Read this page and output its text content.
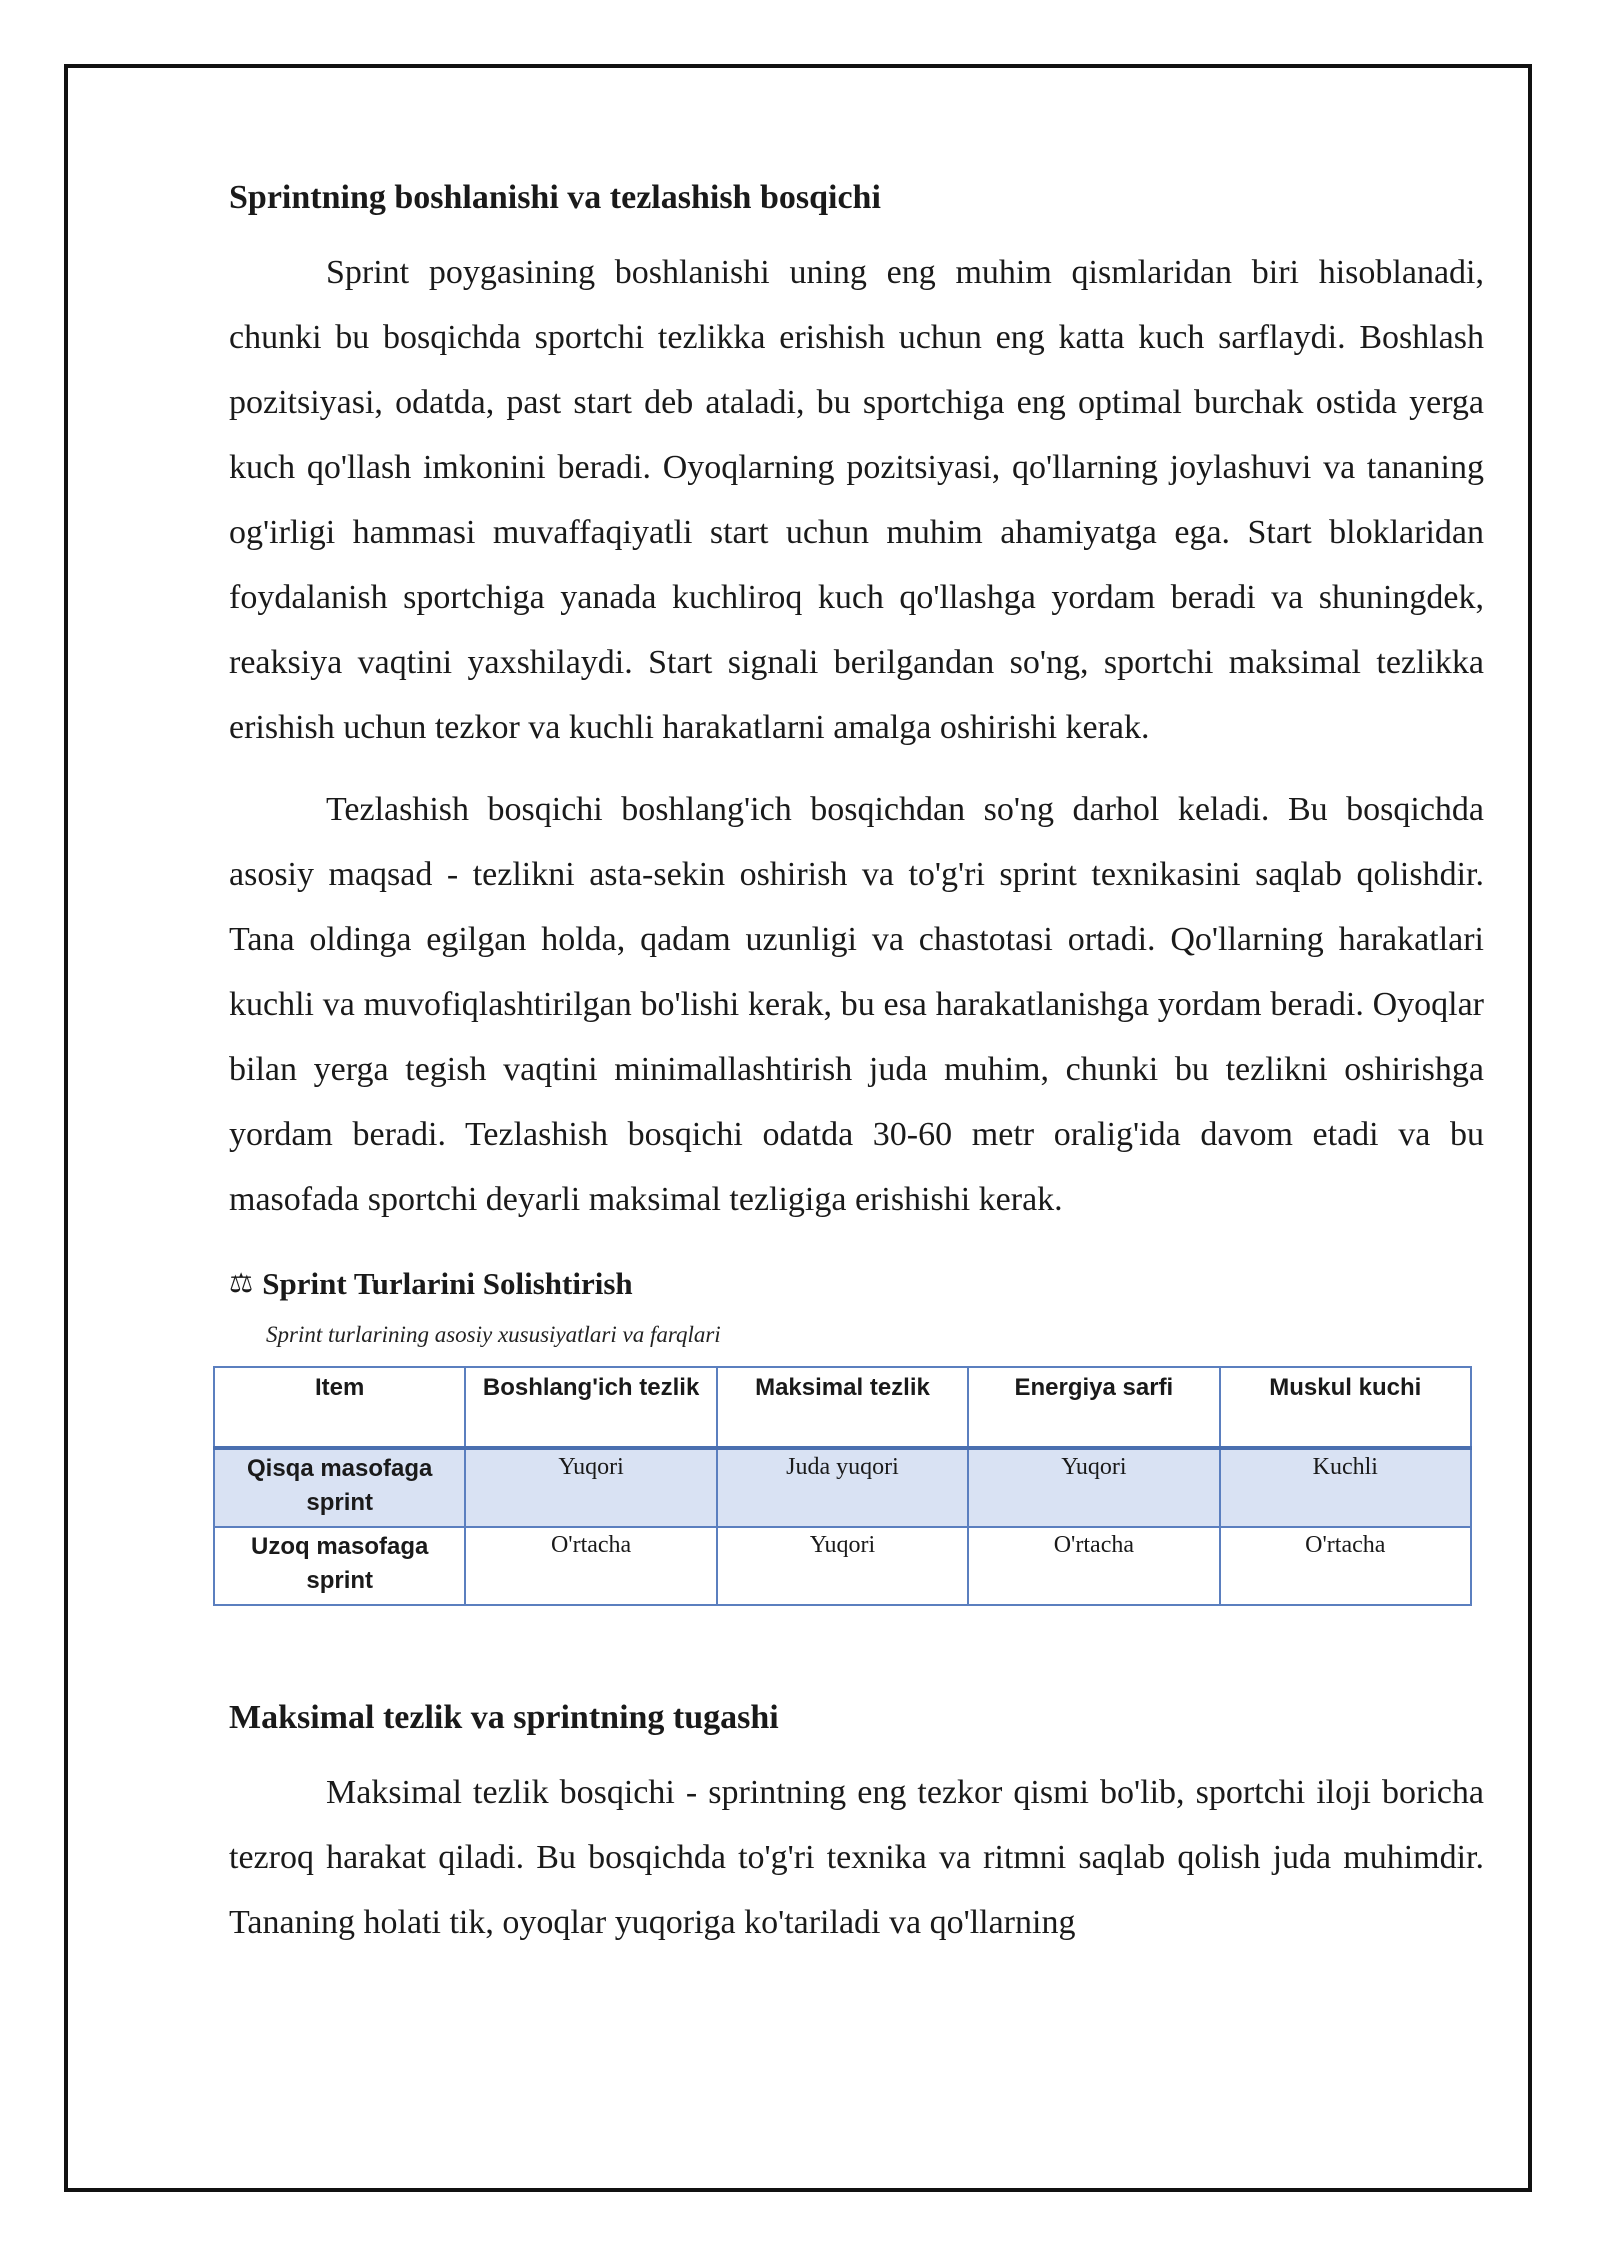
Sprintning boshlanishi va tezlashish bosqichi

Sprint poygasining boshlanishi uning eng muhim qismlaridan biri hisoblanadi, chunki bu bosqichda sportchi tezlikka erishish uchun eng katta kuch sarflaydi. Boshlash pozitsiyasi, odatda, past start deb ataladi, bu sportchiga eng optimal burchak ostida yerga kuch qo'llash imkonini beradi. Oyoqlarning pozitsiyasi, qo'llarning joylashuvi va tananing og'irligi hammasi muvaffaqiyatli start uchun muhim ahamiyatga ega. Start bloklaridan foydalanish sportchiga yanada kuchliroq kuch qo'llashga yordam beradi va shuningdek, reaksiya vaqtini yaxshilaydi. Start signali berilgandan so'ng, sportchi maksimal tezlikka erishish uchun tezkor va kuchli harakatlarni amalga oshirishi kerak.

Tezlashish bosqichi boshlang'ich bosqichdan so'ng darhol keladi. Bu bosqichda asosiy maqsad - tezlikni asta-sekin oshirish va to'g'ri sprint texnikasini saqlab qolishdir. Tana oldinga egilgan holda, qadam uzunligi va chastotasi ortadi. Qo'llarning harakatlari kuchli va muvofiqlashtirilgan bo'lishi kerak, bu esa harakatlanishga yordam beradi. Oyoqlar bilan yerga tegish vaqtini minimallashtirish juda muhim, chunki bu tezlikni oshirishga yordam beradi. Tezlashish bosqichi odatda 30-60 metr oralig'ida davom etadi va bu masofada sportchi deyarli maksimal tezligiga erishishi kerak.

⚖ Sprint Turlarini Solishtirish
Sprint turlarining asosiy xususiyatlari va farqlari
Item	Boshlang'ich tezlik	Maksimal tezlik	Energiya sarfi	Muskul kuchi
Qisqa masofaga sprint	Yuqori	Juda yuqori	Yuqori	Kuchli
Uzoq masofaga sprint	O'rtacha	Yuqori	O'rtacha	O'rtacha
Maksimal tezlik va sprintning tugashi

Maksimal tezlik bosqichi - sprintning eng tezkor qismi bo'lib, sportchi iloji boricha tezroq harakat qiladi. Bu bosqichda to'g'ri texnika va ritmni saqlab qolish juda muhimdir. Tananing holati tik, oyoqlar yuqoriga ko'tariladi va qo'llarning
